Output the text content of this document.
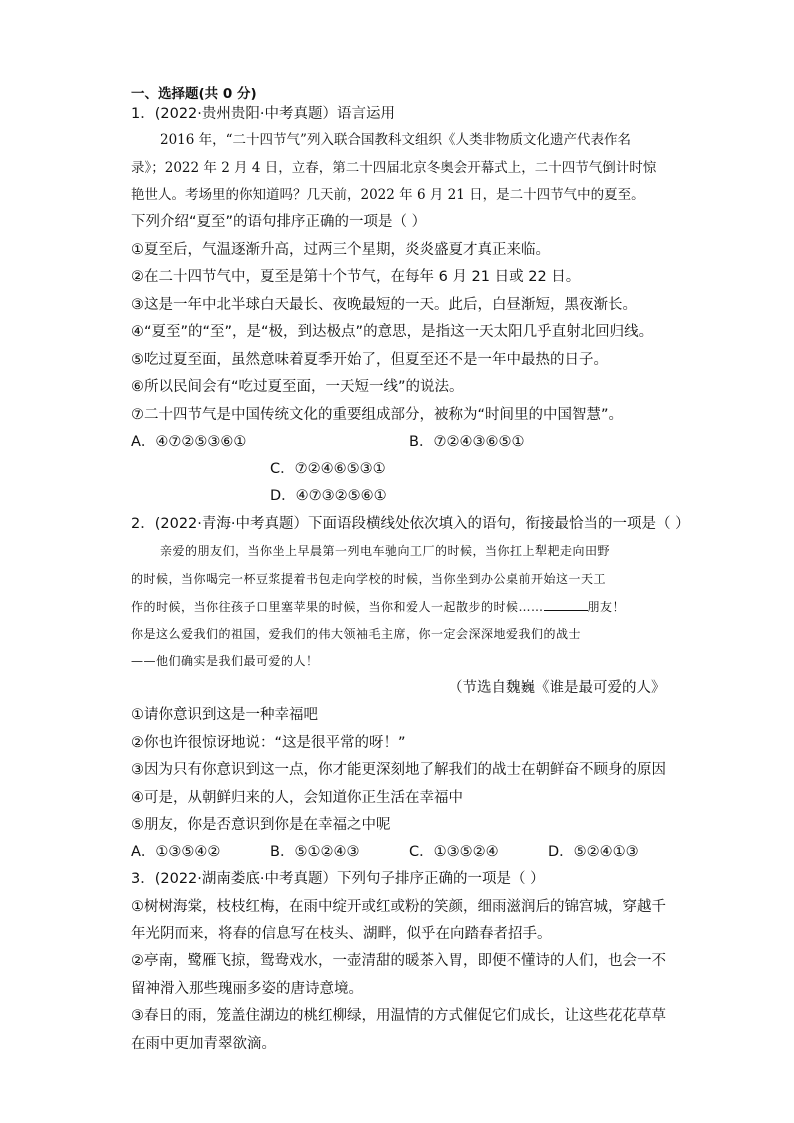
一、选择题(共 0 分)
1．(2022·贵州贵阳·中考真题）语言运用
2016 年，“二十四节气”列入联合国教科文组织《人类非物质文化遗产代表作名
录》；2022 年 2 月 4 日，立春，第二十四届北京冬奥会开幕式上，二十四节气倒计时惊
艳世人。考场里的你知道吗？几天前，2022 年 6 月 21 日，是二十四节气中的夏至。
下列介绍“夏至”的语句排序正确的一项是（ ）
①夏至后，气温逐渐升高，过两三个星期，炎炎盛夏才真正来临。
②在二十四节气中，夏至是第十个节气，在每年 6 月 21 日或 22 日。
③这是一年中北半球白天最长、夜晚最短的一天。此后，白昼渐短，黑夜渐长。
④“夏至”的“至”，是“极，到达极点”的意思，是指这一天太阳几乎直射北回归线。
⑤吃过夏至面，虽然意味着夏季开始了，但夏至还不是一年中最热的日子。
⑥所以民间会有“吃过夏至面，一天短一线”的说法。
⑦二十四节气是中国传统文化的重要组成部分，被称为“时间里的中国智慧”。
A．④⑦②⑤③⑥①	B．⑦②④③⑥⑤①
C．⑦②④⑥⑤③①
D．④⑦③②⑤⑥①
2．(2022·青海·中考真题）下面语段横线处依次填入的语句，衔接最恰当的一项是（ ）
亲爱的朋友们，当你坐上早晨第一列电车驰向工厂的时候，当你扛上犁耙走向田野
的时候，当你喝完一杯豆浆提着书包走向学校的时候，当你坐到办公桌前开始这一天工
作的时候，当你往孩子口里塞苹果的时候，当你和爱人一起散步的时候……	朋友！
你是这么爱我们的祖国，爱我们的伟大领袖毛主席，你一定会深深地爱我们的战士
——他们确实是我们最可爱的人！
（节选自魏巍《谁是最可爱的人》
①请你意识到这是一种幸福吧
②你也许很惊讶地说：“这是很平常的呀！”
③因为只有你意识到这一点，你才能更深刻地了解我们的战士在朝鲜奋不顾身的原因
④可是，从朝鲜归来的人，会知道你正生活在幸福中
⑤朋友，你是否意识到你是在幸福之中呢
A．①③⑤④②	B．⑤①②④③	C．①③⑤②④	D．⑤②④①③
3．(2022·湖南娄底·中考真题）下列句子排序正确的一项是（ ）
①树树海棠，枝枝红梅，在雨中绽开或红或粉的笑颜，细雨滋润后的锦宫城，穿越千
年光阴而来，将春的信息写在枝头、湖畔，似乎在向踏春者招手。
②亭南，鹭雁飞掠，鸳鸯戏水，一壶清甜的暖茶入胃，即便不懂诗的人们，也会一不
留神滑入那些瑰丽多姿的唐诗意境。
③春日的雨，笼盖住湖边的桃红柳绿，用温情的方式催促它们成长，让这些花花草草
在雨中更加青翠欲滴。
